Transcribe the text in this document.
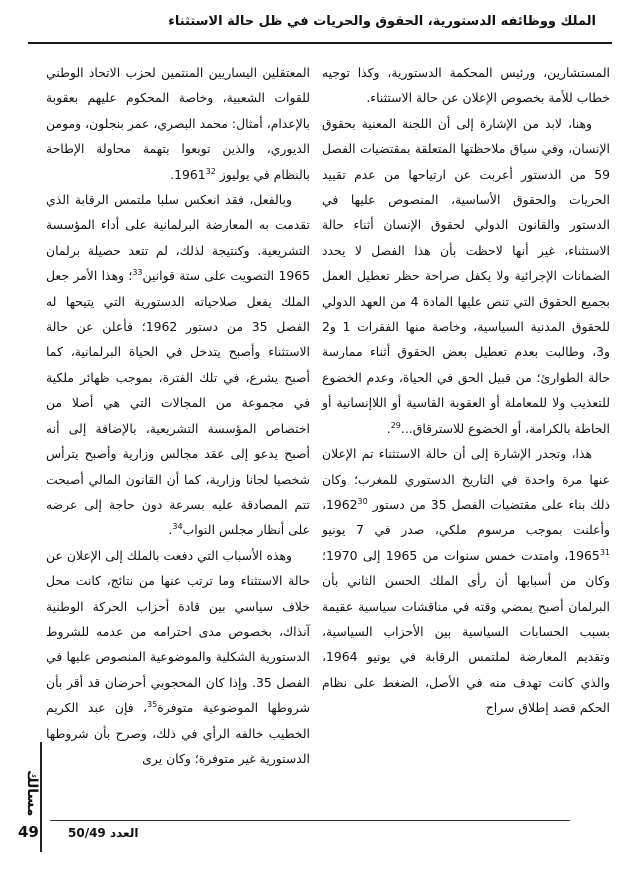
الملك ووظائفه الدستورية، الحقوق والحريات في ظل حالة الاستثناء

المستشارين، ورئيس المحكمة الدستورية، وكذا توجيه خطاب للأمة بخصوص الإعلان عن حالة الاستثناء.

وهنا، لابد من الإشارة إلى أن اللجنة المعنية بحقوق الإنسان، وفي سياق ملاحظتها المتعلقة بمقتضيات الفصل 59 من الدستور أعربت عن ارتياحها من عدم تقييد الحريات والحقوق الأساسية، المنصوص عليها في الدستور والقانون الدولي لحقوق الإنسان أثناء حالة الاستثناء، غير أنها لاحظت بأن هذا الفصل لا يحدد الضمانات الإجرائية ولا يكفل صراحة حظر تعطيل العمل بجميع الحقوق التي تنص عليها المادة 4 من العهد الدولي للحقوق المدنية السياسية، وخاصة منها الفقرات 1 و2 و3، وطالبت بعدم تعطيل بعض الحقوق أثناء ممارسة حالة الطوارئ؛ من قبيل الحق في الحياة، وعدم الخضوع للتعذيب ولا للمعاملة أو العقوبة القاسية أو اللاإنسانية أو الحاطة بالكرامة، أو الخضوع للاسترقاق...$^{29}$.

هذا، وتجدر الإشارة إلى أن حالة الاستثناء تم الإعلان عنها مرة واحدة في التاريخ الدستوري للمغرب؛ وكان ذلك بناء على مقتضيات الفصل 35 من دستور 1962$^{30}$، وأعلنت بموجب مرسوم ملكي، صدر في 7 يونيو 1965$^{31}$، وامتدت خمس سنوات من 1965 إلى 1970؛ وكان من أسبابها أن رأى الملك الحسن الثاني بأن البرلمان أصبح يمضي وقته في مناقشات سياسية عقيمة بسبب الحسابات السياسية بين الأحزاب السياسية، وتقديم المعارضة لملتمس الرقابة في يونيو 1964، والذي كانت تهدف منه في الأصل، الضغط على نظام الحكم قصد إطلاق سراح

المعتقلين اليساريين المنتمين لحزب الاتحاد الوطني للقوات الشعبية، وخاصة المحكوم عليهم بعقوبة بالإعدام، أمثال: محمد البصري، عمر بنجلون، ومومن الديوري، والذين توبعوا بتهمة محاولة الإطاحة بالنظام في يوليوز 1961$^{32}$.

وبالفعل، فقد انعكس سلبا ملتمس الرقابة الذي تقدمت به المعارضة البرلمانية على أداء المؤسسة التشريعية. وكنتيجة لذلك، لم تتعد حصيلة برلمان 1965 التصويت على ستة قوانين$^{33}$؛ وهذا الأمر جعل الملك يفعل صلاحياته الدستورية التي يتيحها له الفصل 35 من دستور 1962؛ فأعلن عن حالة الاستثناء وأصبح يتدخل في الحياة البرلمانية، كما أصبح يشرع، في تلك الفترة، بموجب ظهائر ملكية في مجموعة من المجالات التي هي أصلا من اختصاص المؤسسة التشريعية، بالإضافة إلى أنه أصبح يدعو إلى عقد مجالس وزارية وأصبح يترأس شخصيا لجانا وزارية، كما أن القانون المالي أصبحت تتم المصادقة عليه بسرعة دون حاجة إلى عرضه على أنظار مجلس النواب$^{34}$.

وهذه الأسباب التي دفعت بالملك إلى الإعلان عن حالة الاستثناء وما ترتب عنها من نتائج، كانت محل خلاف سياسي بين قادة أحزاب الحركة الوطنية آنذاك، بخصوص مدى احترامه من عدمه للشروط الدستورية الشكلية والموضوعية المنصوص عليها في الفصل 35. وإذا كان المحجوبي أحرضان قد أقر بأن شروطها الموضوعية متوفرة$^{35}$، فإن عبد الكريم الخطيب خالفه الرأي في ذلك، وصرح بأن شروطها الدستورية غير متوفرة؛ وكان يرى

مسالك
العدد 50/49
49
